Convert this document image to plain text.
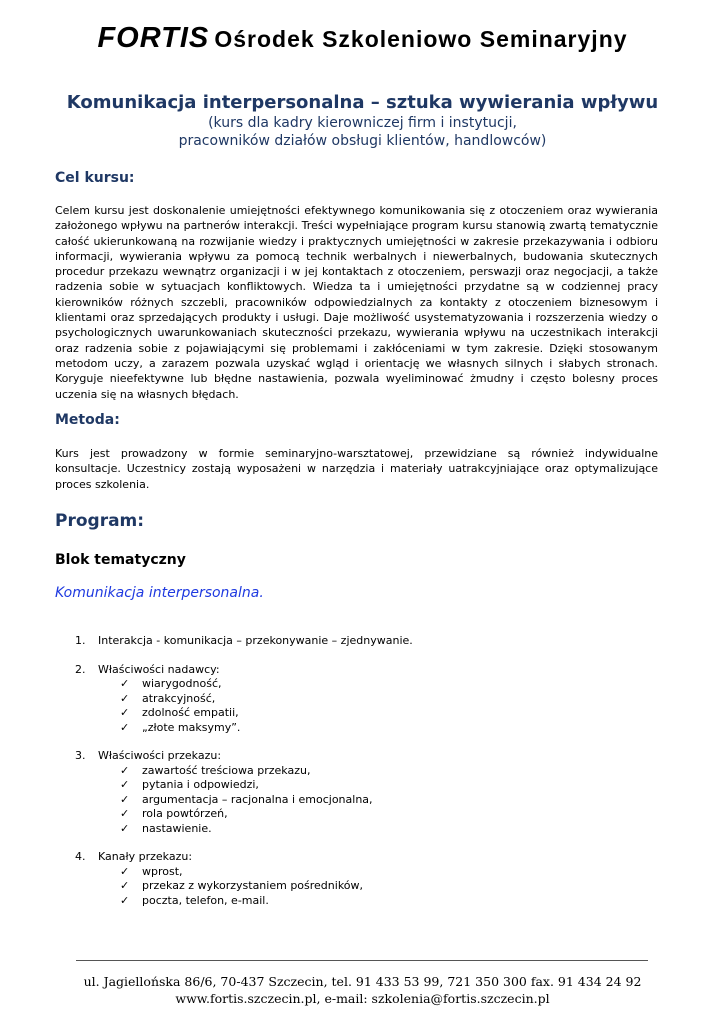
FORTIS Ośrodek Szkoleniowo Seminaryjny
Komunikacja interpersonalna – sztuka wywierania wpływu
(kurs dla kadry kierowniczej firm i instytucji,
pracowników działów obsługi klientów, handlowców)
Cel kursu:

Celem kursu jest doskonalenie umiejętności efektywnego komunikowania się z otoczeniem oraz wywierania założonego wpływu na partnerów interakcji. Treści wypełniające program kursu stanowią zwartą tematycznie całość ukierunkowaną na rozwijanie wiedzy i praktycznych umiejętności w zakresie przekazywania i odbioru informacji, wywierania wpływu za pomocą technik werbalnych i niewerbalnych, budowania skutecznych procedur przekazu wewnątrz organizacji i w jej kontaktach z otoczeniem, perswazji oraz negocjacji, a także radzenia sobie w sytuacjach konfliktowych. Wiedza ta i umiejętności przydatne są w codziennej pracy kierowników różnych szczebli, pracowników odpowiedzialnych za kontakty z otoczeniem biznesowym i klientami oraz sprzedających produkty i usługi. Daje możliwość usystematyzowania i rozszerzenia wiedzy o psychologicznych uwarunkowaniach skuteczności przekazu, wywierania wpływu na uczestnikach interakcji oraz radzenia sobie z pojawiającymi się problemami i zakłóceniami w tym zakresie. Dzięki stosowanym metodom uczy, a zarazem pozwala uzyskać wgląd i orientację we własnych silnych i słabych stronach. Koryguje nieefektywne lub błędne nastawienia, pozwala wyeliminować żmudny i często bolesny proces uczenia się na własnych błędach.

Metoda:

Kurs jest prowadzony w formie seminaryjno-warsztatowej, przewidziane są również indywidualne konsultacje. Uczestnicy zostają wyposażeni w narzędzia i materiały uatrakcyjniające oraz optymalizujące proces szkolenia.

Program:
Blok tematyczny
Komunikacja interpersonalna.
1. Interakcja - komunikacja – przekonywanie – zjednywanie.
2. Właściwości nadawcy:
✓ wiarygodność,
✓ atrakcyjność,
✓ zdolność empatii,
✓ „złote maksymy”.
3. Właściwości przekazu:
✓ zawartość treściowa przekazu,
✓ pytania i odpowiedzi,
✓ argumentacja – racjonalna i emocjonalna,
✓ rola powtórzeń,
✓ nastawienie.
4. Kanały przekazu:
✓ wprost,
✓ przekaz z wykorzystaniem pośredników,
✓ poczta, telefon, e-mail.
ul. Jagiellońska 86/6, 70-437 Szczecin, tel. 91 433 53 99, 721 350 300 fax. 91 434 24 92
www.fortis.szczecin.pl, e-mail: szkolenia@fortis.szczecin.pl
